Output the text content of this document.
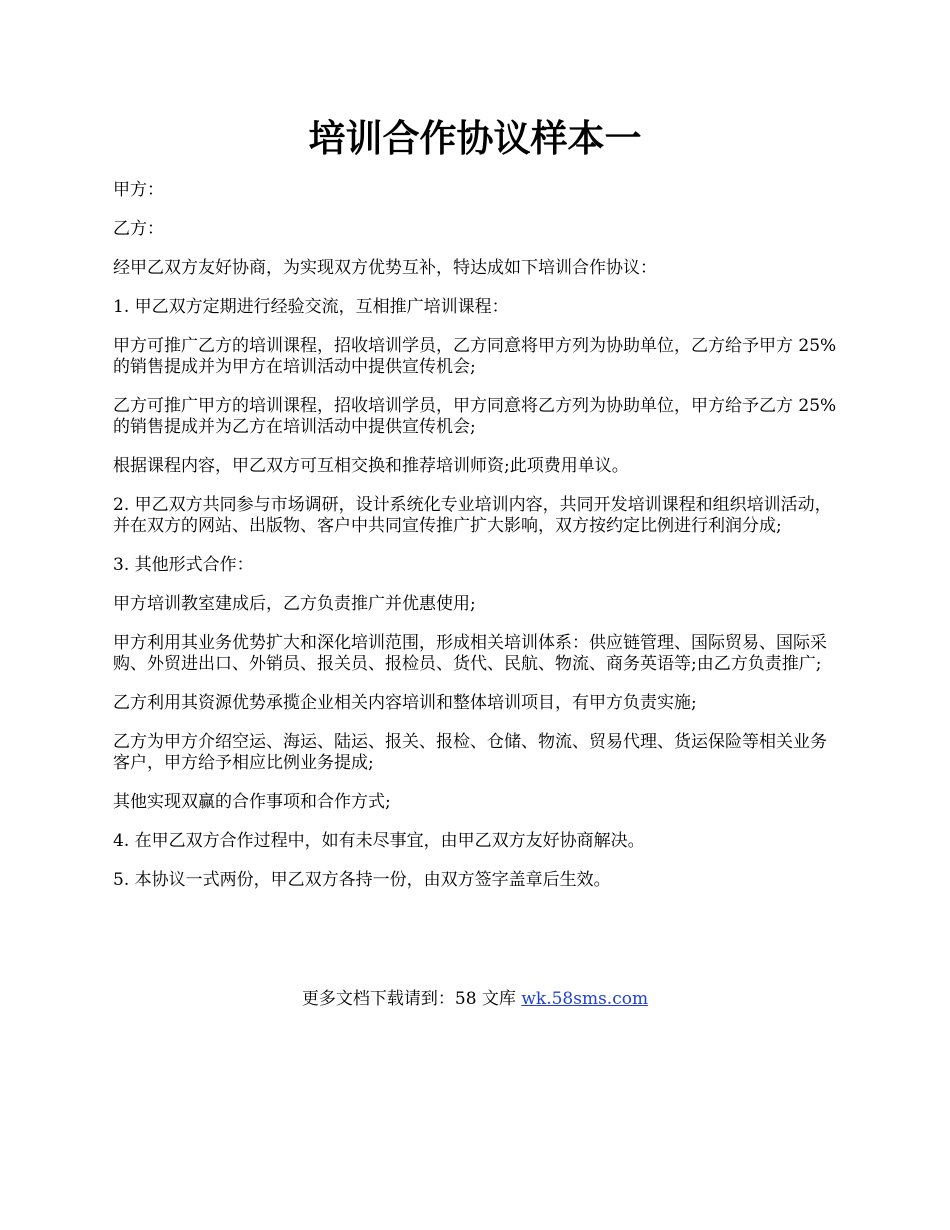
培训合作协议样本一

甲方：

乙方：

经甲乙双方友好协商，为实现双方优势互补，特达成如下培训合作协议：

1. 甲乙双方定期进行经验交流，互相推广培训课程：

甲方可推广乙方的培训课程，招收培训学员，乙方同意将甲方列为协助单位，乙方给予甲方 25%的销售提成并为甲方在培训活动中提供宣传机会;

乙方可推广甲方的培训课程，招收培训学员，甲方同意将乙方列为协助单位，甲方给予乙方 25%的销售提成并为乙方在培训活动中提供宣传机会;

根据课程内容，甲乙双方可互相交换和推荐培训师资;此项费用单议。

2. 甲乙双方共同参与市场调研，设计系统化专业培训内容，共同开发培训课程和组织培训活动，并在双方的网站、出版物、客户中共同宣传推广扩大影响，双方按约定比例进行利润分成;

3. 其他形式合作：

甲方培训教室建成后，乙方负责推广并优惠使用;

甲方利用其业务优势扩大和深化培训范围，形成相关培训体系：供应链管理、国际贸易、国际采购、外贸进出口、外销员、报关员、报检员、货代、民航、物流、商务英语等;由乙方负责推广;

乙方利用其资源优势承揽企业相关内容培训和整体培训项目，有甲方负责实施;

乙方为甲方介绍空运、海运、陆运、报关、报检、仓储、物流、贸易代理、货运保险等相关业务客户，甲方给予相应比例业务提成;

其他实现双赢的合作事项和合作方式;

4. 在甲乙双方合作过程中，如有未尽事宜，由甲乙双方友好协商解决。

5. 本协议一式两份，甲乙双方各持一份，由双方签字盖章后生效。

更多文档下载请到：58 文库 wk.58sms.com
